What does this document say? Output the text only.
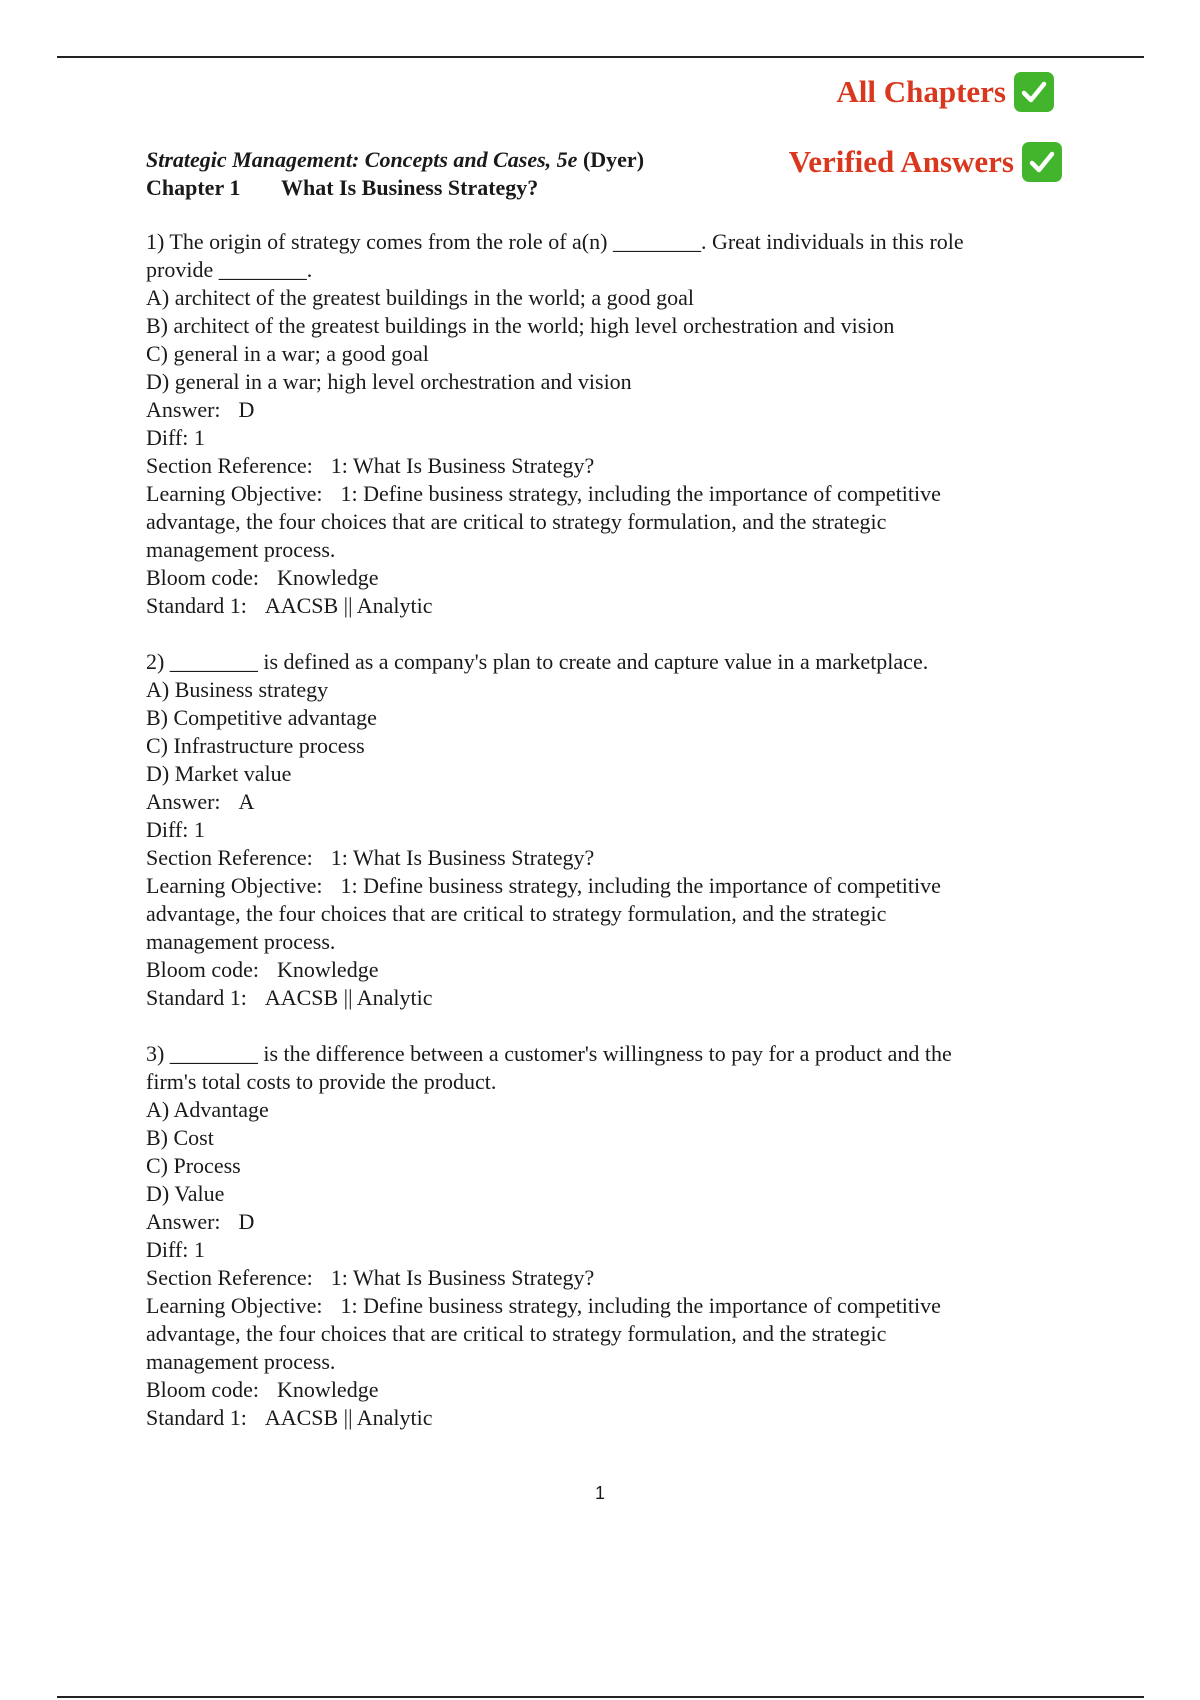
All Chapters
Verified Answers
Strategic Management: Concepts and Cases, 5e (Dyer)
Chapter 1 What Is Business Strategy?

1) The origin of strategy comes from the role of a(n) ________. Great individuals in this role

provide ________.

A) architect of the greatest buildings in the world; a good goal

B) architect of the greatest buildings in the world; high level orchestration and vision

C) general in a war; a good goal

D) general in a war; high level orchestration and vision

Answer: D

Diff: 1

Section Reference: 1: What Is Business Strategy?

Learning Objective: 1: Define business strategy, including the importance of competitive

advantage, the four choices that are critical to strategy formulation, and the strategic

management process.

Bloom code: Knowledge

Standard 1: AACSB || Analytic

2) ________ is defined as a company's plan to create and capture value in a marketplace.

A) Business strategy

B) Competitive advantage

C) Infrastructure process

D) Market value

Answer: A

Diff: 1

Section Reference: 1: What Is Business Strategy?

Learning Objective: 1: Define business strategy, including the importance of competitive

advantage, the four choices that are critical to strategy formulation, and the strategic

management process.

Bloom code: Knowledge

Standard 1: AACSB || Analytic

3) ________ is the difference between a customer's willingness to pay for a product and the

firm's total costs to provide the product.

A) Advantage

B) Cost

C) Process

D) Value

Answer: D

Diff: 1

Section Reference: 1: What Is Business Strategy?

Learning Objective: 1: Define business strategy, including the importance of competitive

advantage, the four choices that are critical to strategy formulation, and the strategic

management process.

Bloom code: Knowledge

Standard 1: AACSB || Analytic

1
